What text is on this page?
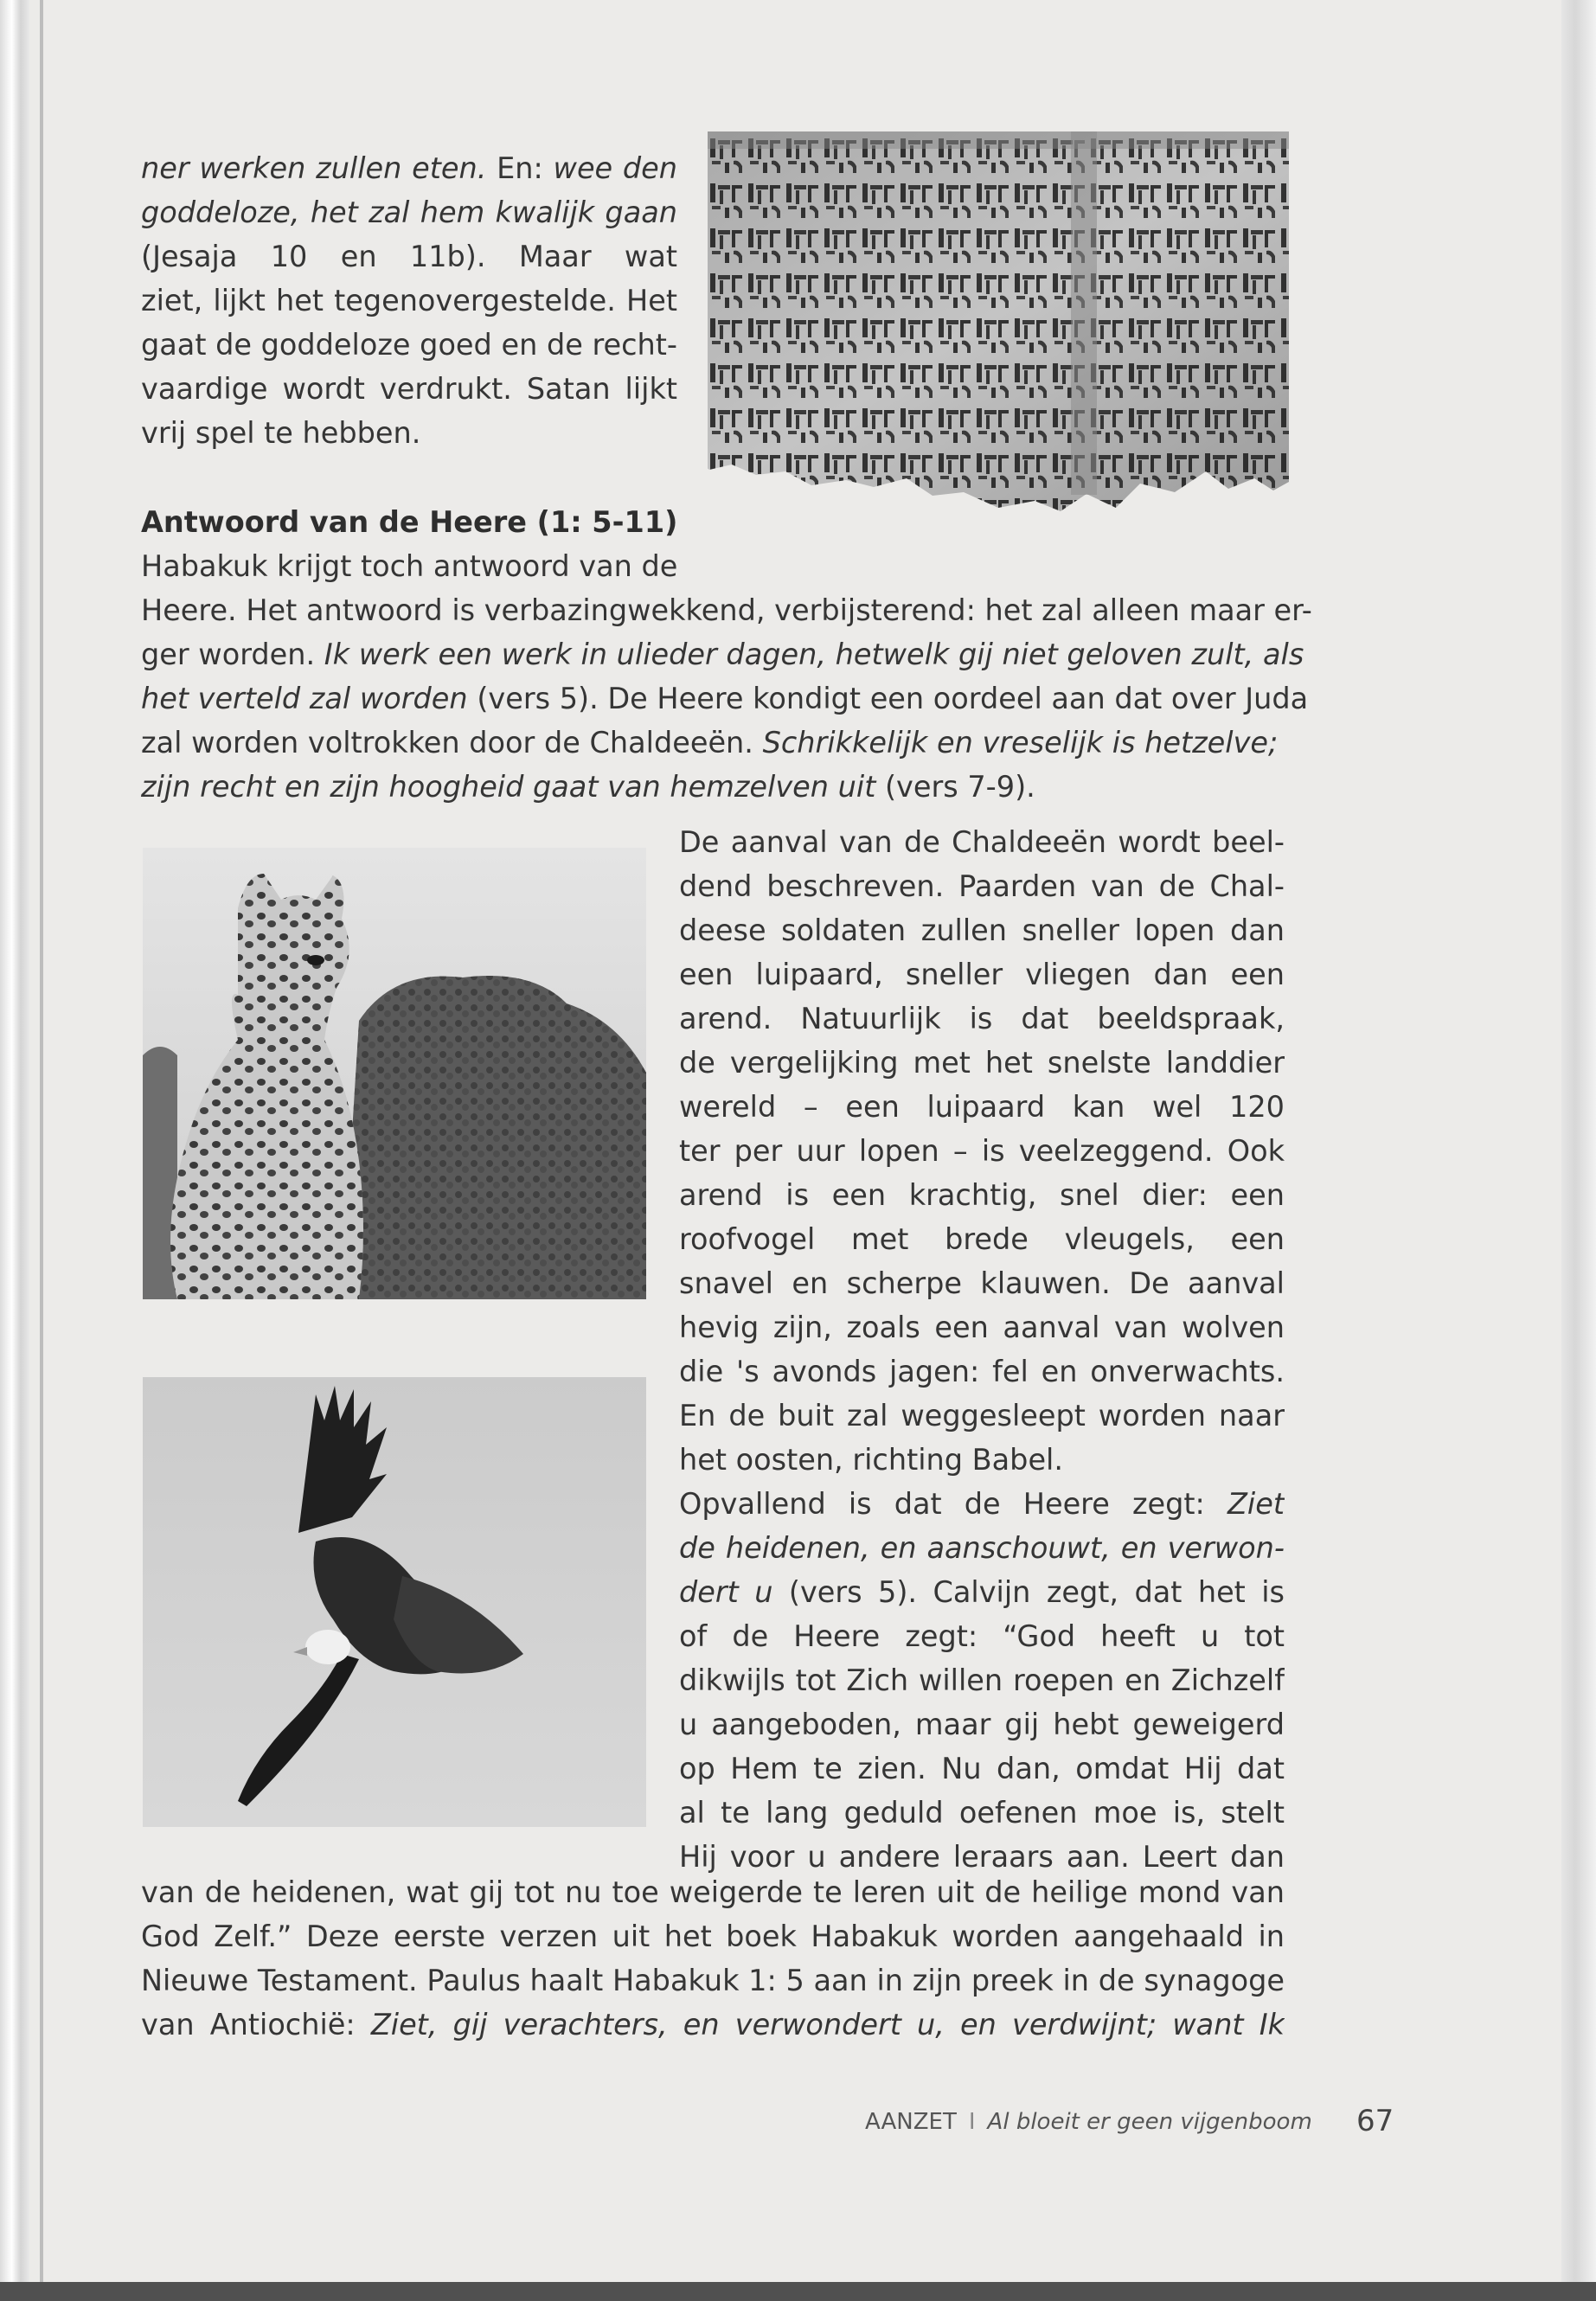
ner werken zullen eten. En: wee den
goddeloze, het zal hem kwalijk gaan
(Jesaja 10 en 11b). Maar wat
ziet, lijkt het tegenovergestelde. Het
gaat de goddeloze goed en de recht-
vaardige wordt verdrukt. Satan lijkt
vrij spel te hebben.
Antwoord van de Heere (1: 5-11)
Habakuk krijgt toch antwoord van de
Heere. Het antwoord is verbazingwekkend, verbijsterend: het zal alleen maar er-
ger worden. Ik werk een werk in ulieder dagen, hetwelk gij niet geloven zult, als
het verteld zal worden (vers 5). De Heere kondigt een oordeel aan dat over Juda
zal worden voltrokken door de Chaldeeën. Schrikkelijk en vreselijk is hetzelve;
zijn recht en zijn hoogheid gaat van hemzelven uit (vers 7-9).
De aanval van de Chaldeeën wordt beel-
dend beschreven. Paarden van de Chal-
deese soldaten zullen sneller lopen dan
een luipaard, sneller vliegen dan een
arend. Natuurlijk is dat beeldspraak,
de vergelijking met het snelste landdier
wereld – een luipaard kan wel 120
ter per uur lopen – is veelzeggend. Ook
arend is een krachtig, snel dier: een
roofvogel met brede vleugels, een
snavel en scherpe klauwen. De aanval
hevig zijn, zoals een aanval van wolven
die 's avonds jagen: fel en onverwachts.
En de buit zal weggesleept worden naar
het oosten, richting Babel.
Opvallend is dat de Heere zegt: Ziet
de heidenen, en aanschouwt, en verwon-
dert u (vers 5). Calvijn zegt, dat het is
of de Heere zegt: “God heeft u tot
dikwijls tot Zich willen roepen en Zichzelf
u aangeboden, maar gij hebt geweigerd
op Hem te zien. Nu dan, omdat Hij dat
al te lang geduld oefenen moe is, stelt
Hij voor u andere leraars aan. Leert dan
van de heidenen, wat gij tot nu toe weigerde te leren uit de heilige mond van
God Zelf.” Deze eerste verzen uit het boek Habakuk worden aangehaald in
Nieuwe Testament. Paulus haalt Habakuk 1: 5 aan in zijn preek in de synagoge
van Antiochië: Ziet, gij verachters, en verwondert u, en verdwijnt; want Ik
AANZET I Al bloeit er geen vijgenboom	67
